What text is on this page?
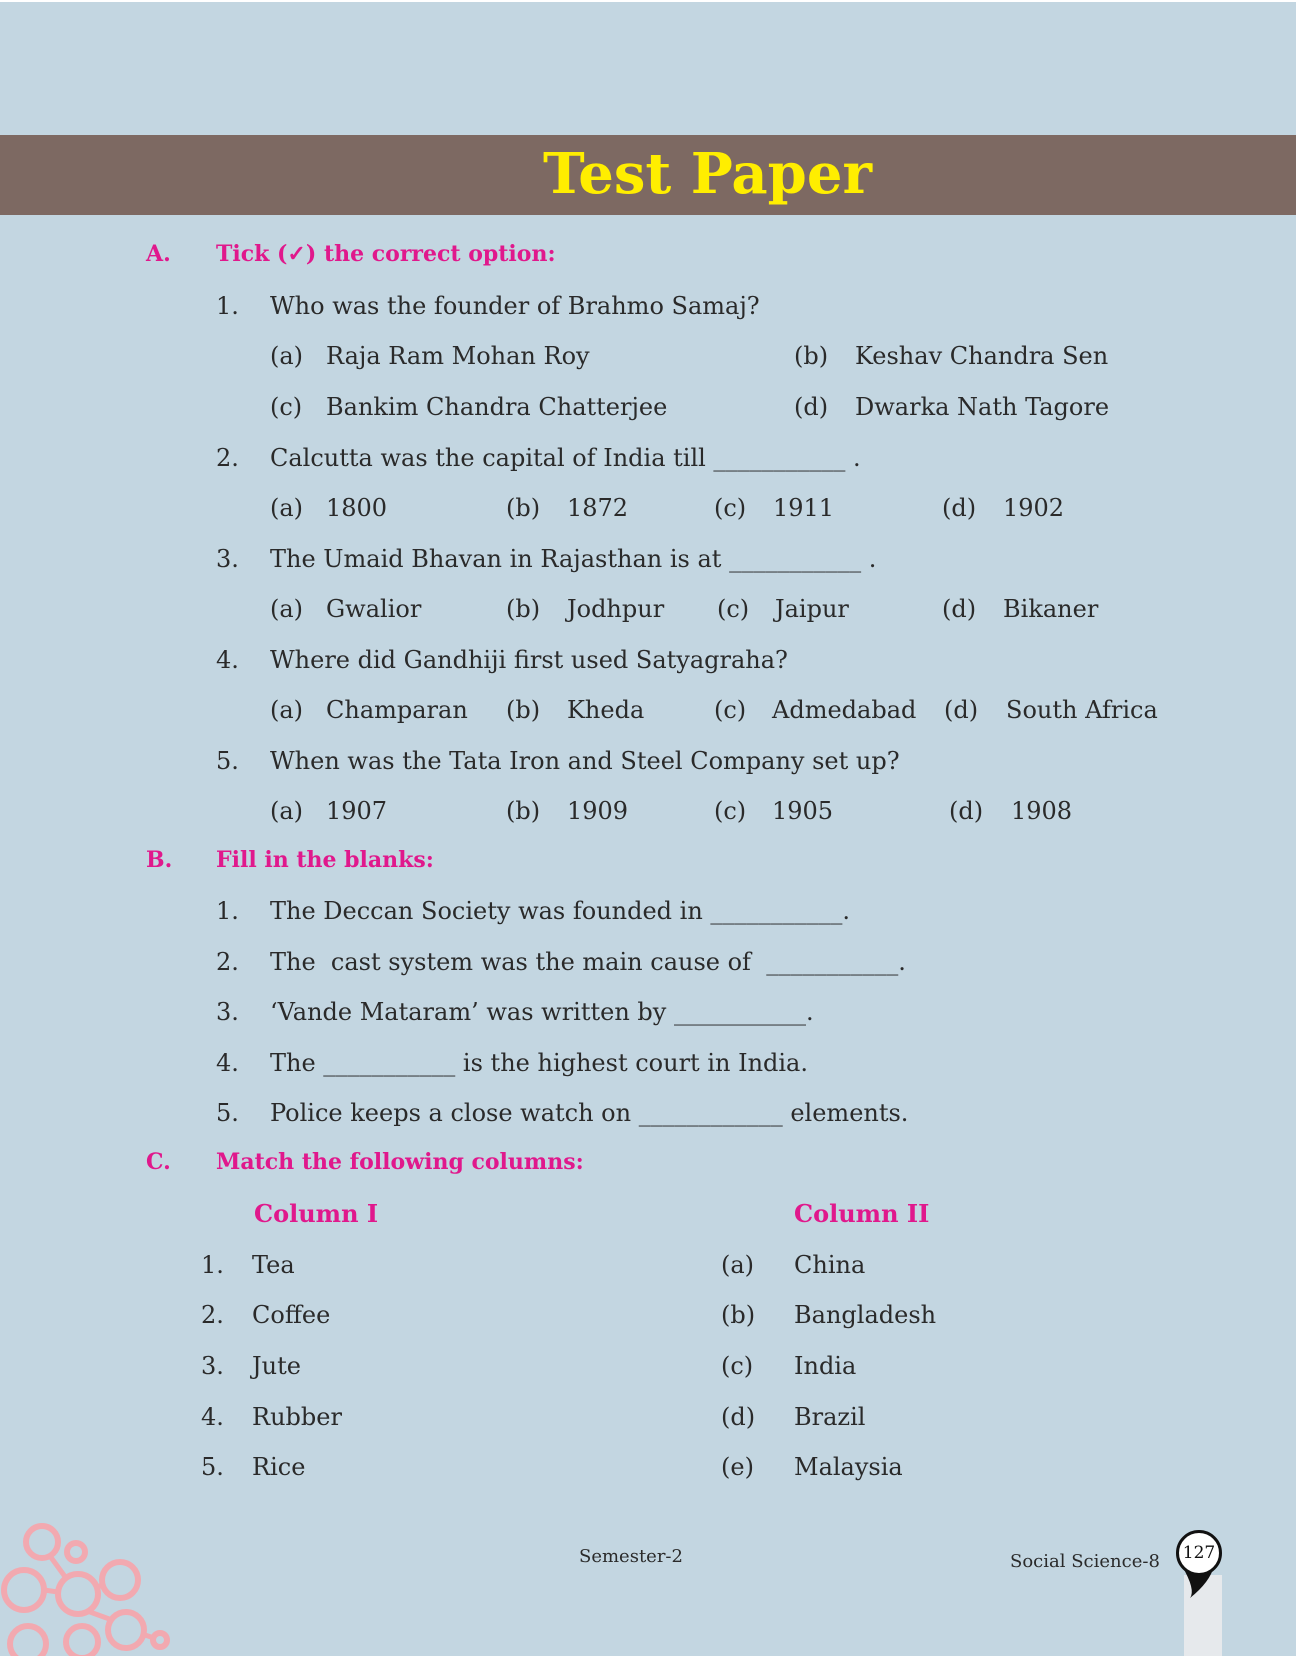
Test Paper
A. Tick (✓) the correct option:
1. Who was the founder of Brahmo Samaj?
(a) Raja Ram Mohan Roy	(b) Keshav Chandra Sen
(c) Bankim Chandra Chatterjee	(d) Dwarka Nath Tagore
2. Calcutta was the capital of India till ___________ .
(a) 1800	(b) 1872	(c) 1911	(d) 1902
3. The Umaid Bhavan in Rajasthan is at ___________ .
(a) Gwalior	(b) Jodhpur (c) Jaipur	(d) Bikaner
4. Where did Gandhiji first used Satyagraha?
(a) Champaran (b) Kheda	(c) Admedabad (d) South Africa
5. When was the Tata Iron and Steel Company set up?
(a) 1907	(b) 1909	(c) 1905	(d) 1908
B. Fill in the blanks:
1. The Deccan Society was founded in ___________.
2. The  cast system was the main cause of  ___________.
3. ‘Vande Mataram’ was written by ___________.
4. The ___________ is the highest court in India.
5. Police keeps a close watch on ____________ elements.
C. Match the following columns:
Column I	Column II
1. Tea	(a) China
2. Coffee	(b) Bangladesh
3. Jute	(c) India
4. Rubber	(d) Brazil
5. Rice	(e) Malaysia
Semester-2	Social Science-8	127
